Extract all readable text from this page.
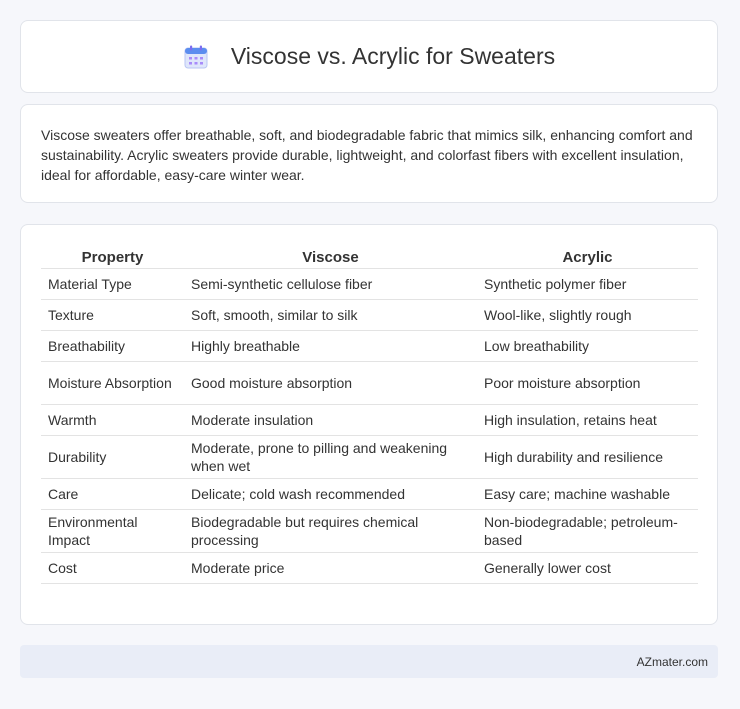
Viscose vs. Acrylic for Sweaters

Viscose sweaters offer breathable, soft, and biodegradable fabric that mimics silk, enhancing comfort and sustainability. Acrylic sweaters provide durable, lightweight, and colorfast fibers with excellent insulation, ideal for affordable, easy-care winter wear.

Property	Viscose	Acrylic
Material Type	Semi-synthetic cellulose fiber	Synthetic polymer fiber
Texture	Soft, smooth, similar to silk	Wool-like, slightly rough
Breathability	Highly breathable	Low breathability
Moisture Absorption	Good moisture absorption	Poor moisture absorption
Warmth	Moderate insulation	High insulation, retains heat
Durability	Moderate, prone to pilling and weakening when wet	High durability and resilience
Care	Delicate; cold wash recommended	Easy care; machine washable
Environmental Impact	Biodegradable but requires chemical processing	Non-biodegradable; petroleum-based
Cost	Moderate price	Generally lower cost
AZmater.com
